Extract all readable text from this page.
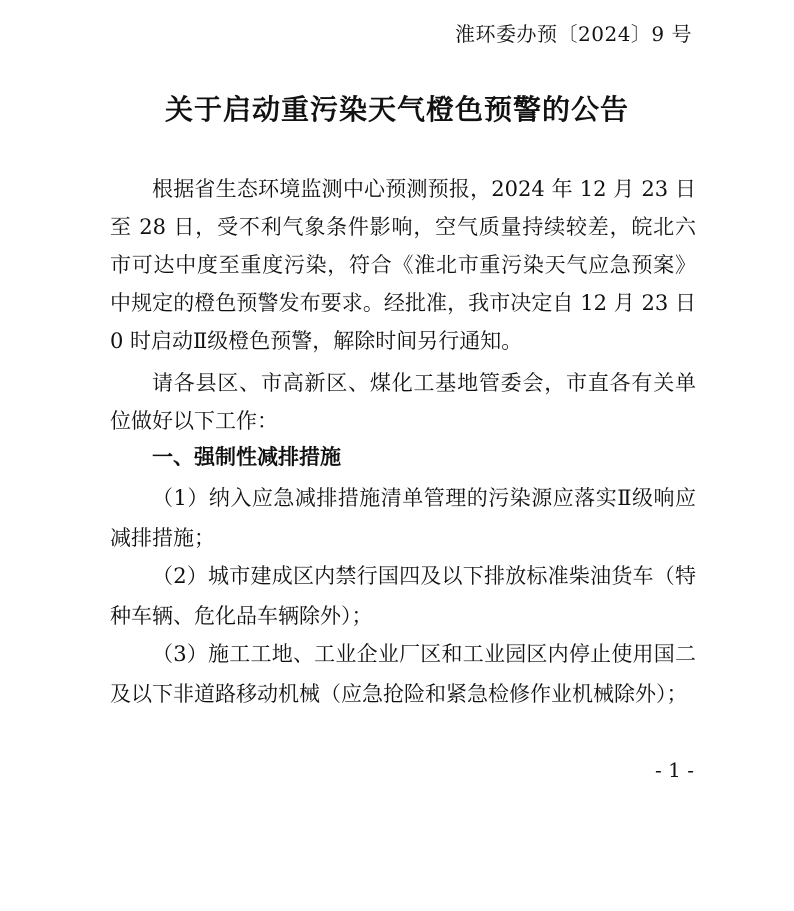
淮环委办预〔2024〕9 号
关于启动重污染天气橙色预警的公告

根据省生态环境监测中心预测预报，2024 年 12 月 23 日至 28 日，受不利气象条件影响，空气质量持续较差，皖北六市可达中度至重度污染，符合《淮北市重污染天气应急预案》中规定的橙色预警发布要求。经批准，我市决定自 12 月 23 日 0 时启动Ⅱ级橙色预警，解除时间另行通知。

请各县区、市高新区、煤化工基地管委会，市直各有关单位做好以下工作：

一、强制性减排措施

（1）纳入应急减排措施清单管理的污染源应落实Ⅱ级响应减排措施；

（2）城市建成区内禁行国四及以下排放标准柴油货车（特种车辆、危化品车辆除外）；

（3）施工工地、工业企业厂区和工业园区内停止使用国二及以下非道路移动机械（应急抢险和紧急检修作业机械除外）；

- 1 -
